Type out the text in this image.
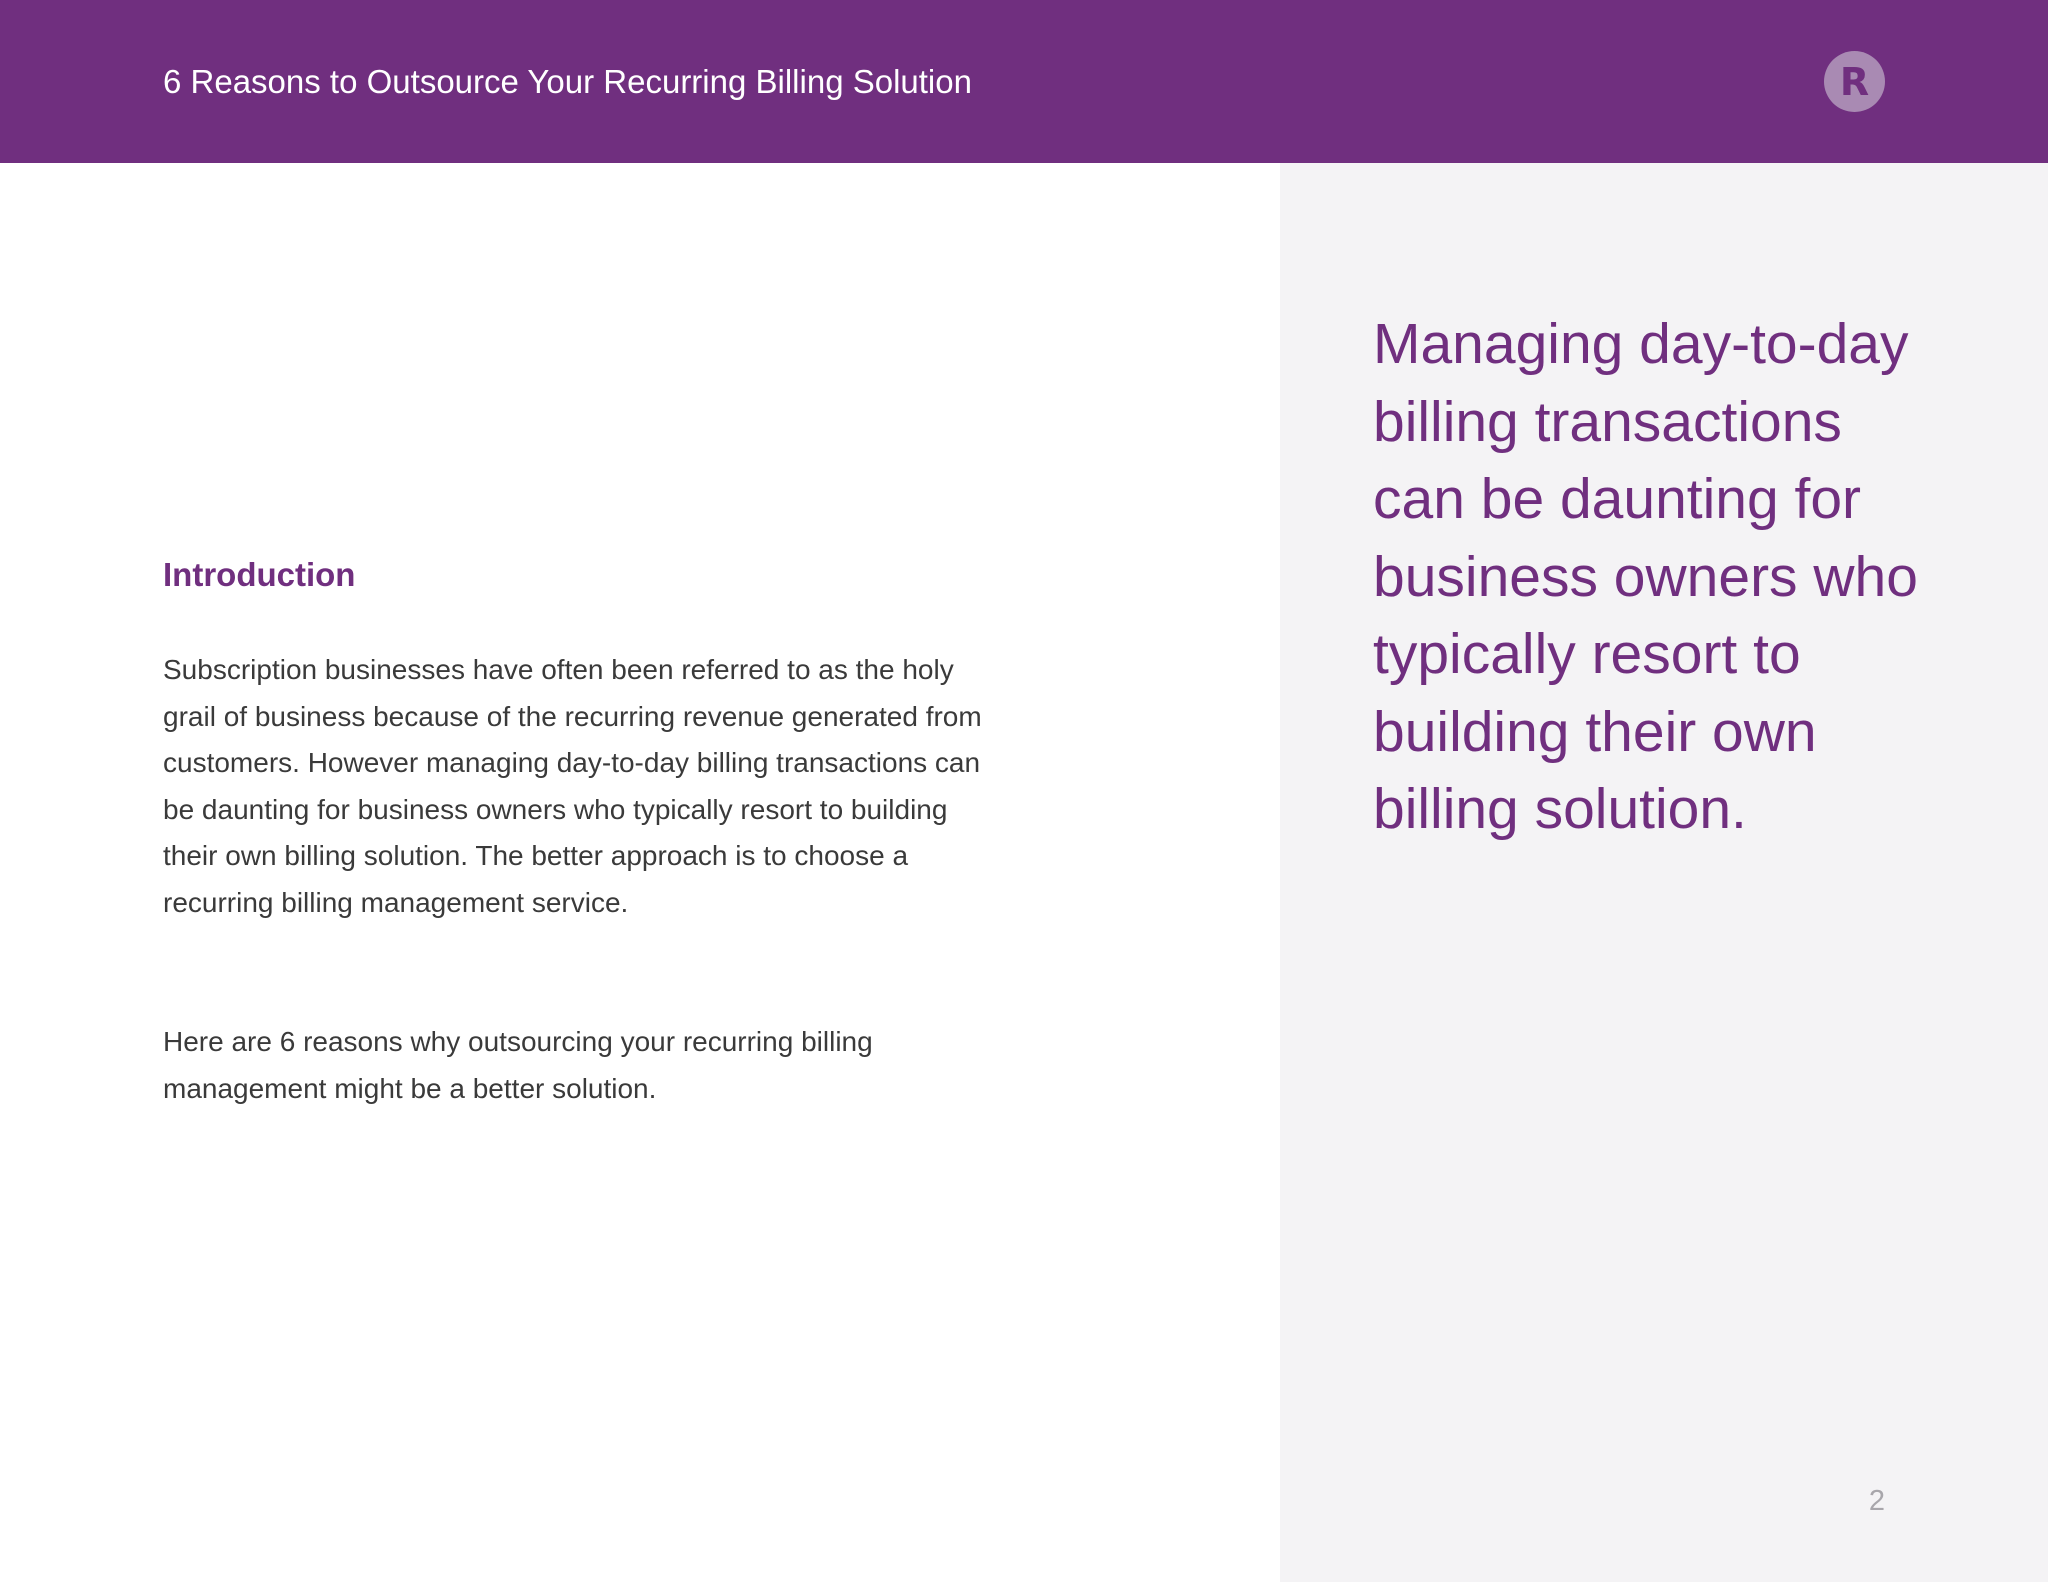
6 Reasons to Outsource Your Recurring Billing Solution	R

Managing day-to-day billing transactions can be daunting for business owners who typically resort to building their own billing solution.

Introduction

Subscription businesses have often been referred to as the holy grail of business because of the recurring revenue generated from customers. However managing day-to-day billing transactions can be daunting for business owners who typically resort to building their own billing solution. The better approach is to choose a recurring billing management service.

Here are 6 reasons why outsourcing your recurring billing management might be a better solution.

2
